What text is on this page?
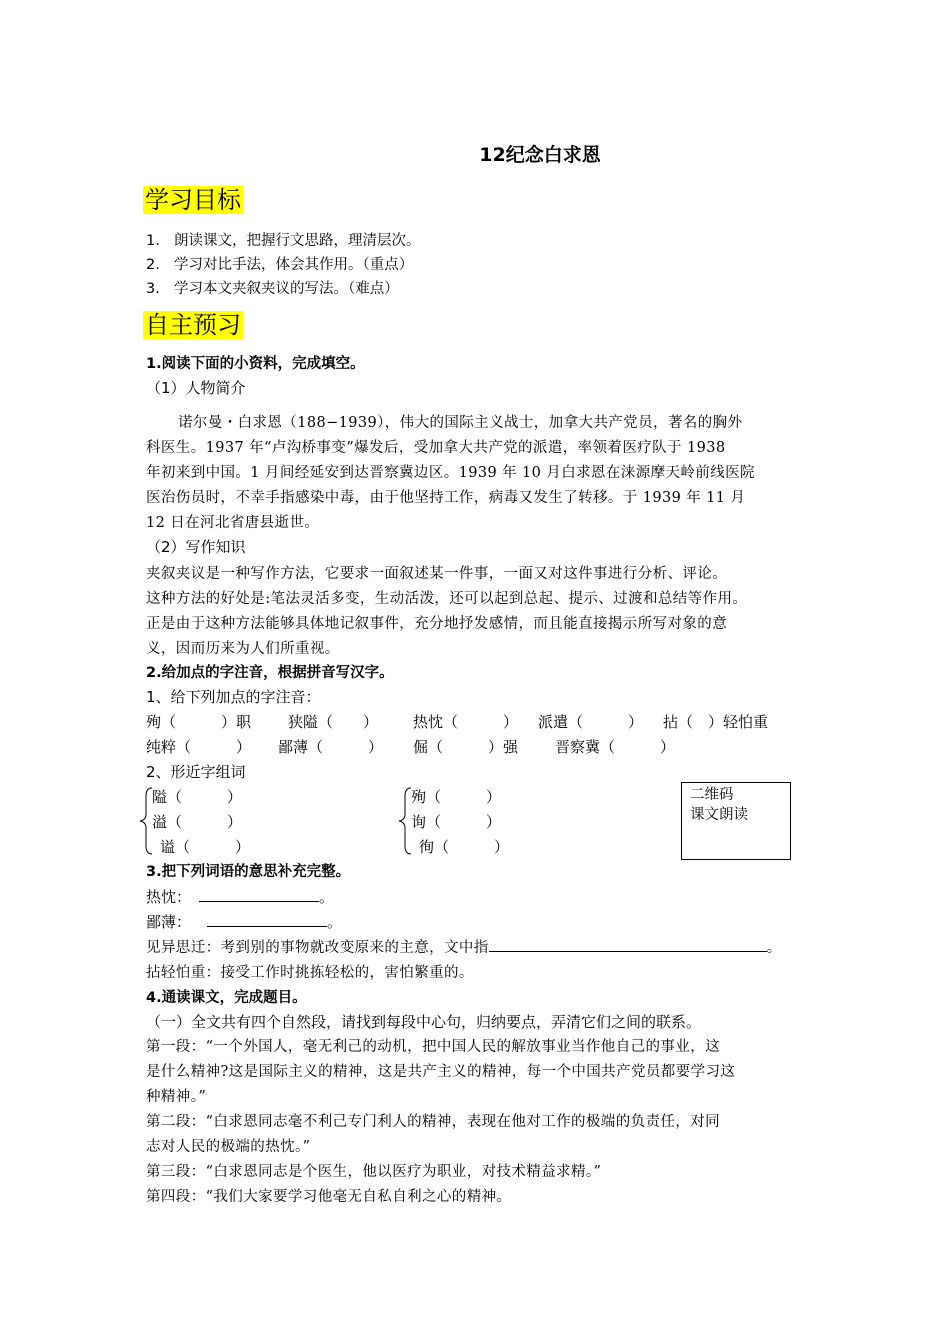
12纪念白求恩
学习目标
1. 朗读课文，把握行文思路，理清层次。
2. 学习对比手法，体会其作用。（重点）
3. 学习本文夹叙夹议的写法。（难点）
自主预习
1.阅读下面的小资料，完成填空。
（1）人物简介
诺尔曼・白求恩（188−1939），伟大的国际主义战士，加拿大共产党员，著名的胸外
科医生。1937 年“卢沟桥事变”爆发后，受加拿大共产党的派遣，率领着医疗队于 1938
年初来到中国。1 月间经延安到达晋察冀边区。1939 年 10 月白求恩在涞源摩天岭前线医院
医治伤员时，不幸手指感染中毒，由于他坚持工作，病毒又发生了转移。于 1939 年 11 月
12 日在河北省唐县逝世。
（2）写作知识
夹叙夹议是一种写作方法，它要求一面叙述某一件事，一面又对这件事进行分析、评论。
这种方法的好处是:笔法灵活多变，生动活泼，还可以起到总起、提示、过渡和总结等作用。
正是由于这种方法能够具体地记叙事件，充分地抒发感情，而且能直接揭示所写对象的意
义，因而历来为人们所重视。
2.给加点的字注音，根据拼音写汉字。
1、给下列加点的字注音：
殉（　　　）职 狭隘（　　） 热忱（　　　） 派遣（　　　） 拈（　）轻怕重
纯粹（　　　） 鄙薄（　　　） 倔（　　　）强 晋察冀（　　　）
2、形近字组词
隘（　　　）
溢（　　　）
谥（　　　）
殉（　　　）
询（　　　）
徇（　　　）
二维码
课文朗读
3.把下列词语的意思补充完整。
热忱：	。
鄙薄：	。
见异思迁：考到别的事物就改变原来的主意，文中指	。
拈轻怕重：接受工作时挑拣轻松的，害怕繁重的。
4.通读课文，完成题目。
（一）全文共有四个自然段，请找到每段中心句，归纳要点，弄清它们之间的联系。
第一段：“一个外国人，毫无利己的动机，把中国人民的解放事业当作他自己的事业，这
是什么精神?这是国际主义的精神，这是共产主义的精神，每一个中国共产党员都要学习这
种精神。”
第二段：“白求恩同志毫不利己专门利人的精神，表现在他对工作的极端的负责任，对同
志对人民的极端的热忱。”
第三段：“白求恩同志是个医生，他以医疗为职业，对技术精益求精。”
第四段：“我们大家要学习他毫无自私自利之心的精神。
